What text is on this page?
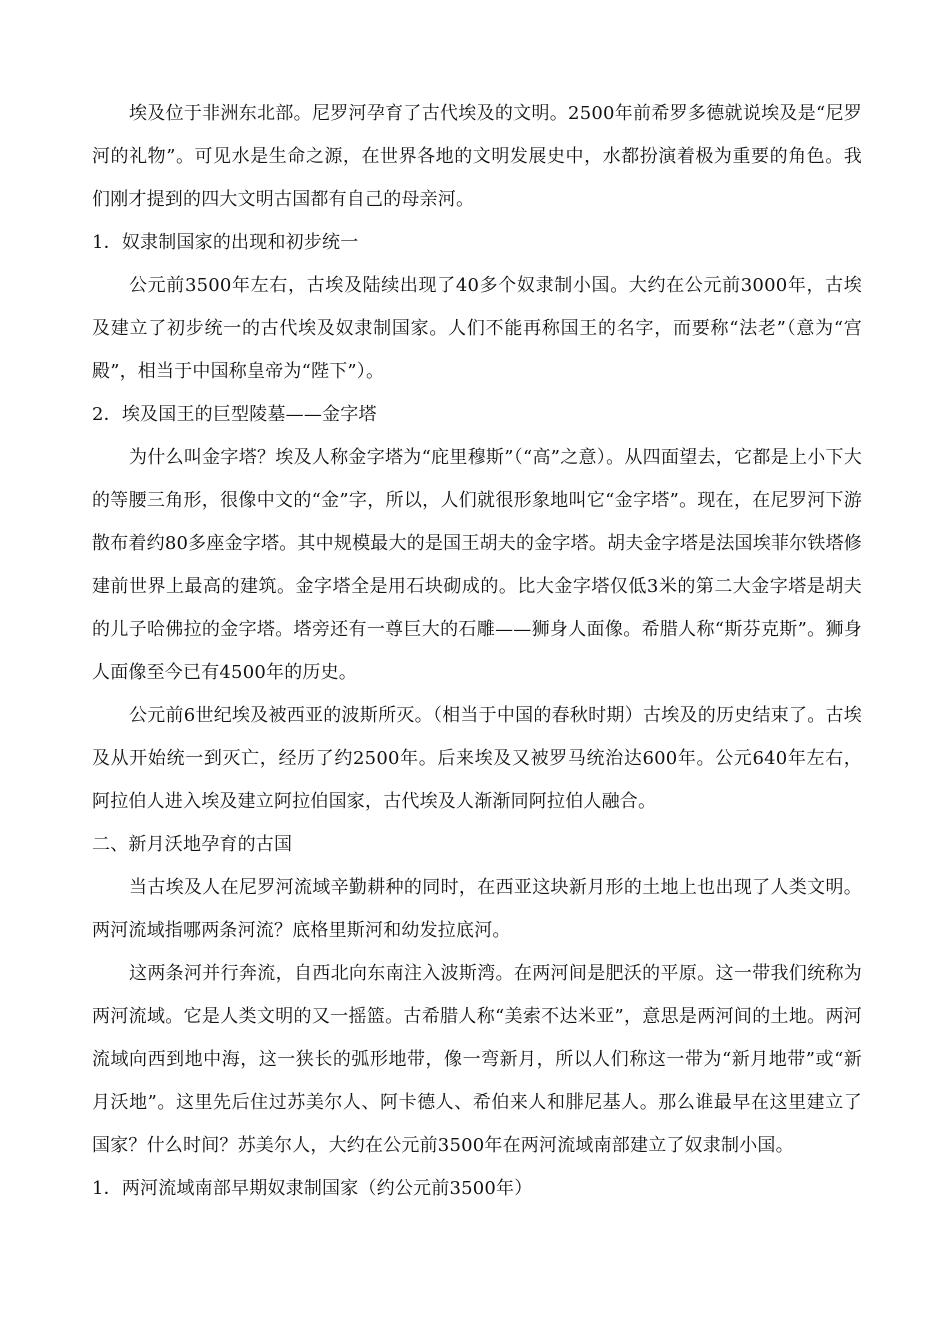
埃及位于非洲东北部。尼罗河孕育了古代埃及的文明。2500年前希罗多德就说埃及是“尼罗河的礼物”。可见水是生命之源，在世界各地的文明发展史中，水都扮演着极为重要的角色。我们刚才提到的四大文明古国都有自己的母亲河。

1．奴隶制国家的出现和初步统一

公元前3500年左右，古埃及陆续出现了40多个奴隶制小国。大约在公元前3000年，古埃及建立了初步统一的古代埃及奴隶制国家。人们不能再称国王的名字，而要称“法老”（意为“宫殿”，相当于中国称皇帝为“陛下”）。

2．埃及国王的巨型陵墓——金字塔

为什么叫金字塔？埃及人称金字塔为“庇里穆斯”（“高”之意）。从四面望去，它都是上小下大的等腰三角形，很像中文的“金”字，所以，人们就很形象地叫它“金字塔”。现在，在尼罗河下游散布着约80多座金字塔。其中规模最大的是国王胡夫的金字塔。胡夫金字塔是法国埃菲尔铁塔修建前世界上最高的建筑。金字塔全是用石块砌成的。比大金字塔仅低3米的第二大金字塔是胡夫的儿子哈佛拉的金字塔。塔旁还有一尊巨大的石雕——狮身人面像。希腊人称“斯芬克斯”。狮身人面像至今已有4500年的历史。

公元前6世纪埃及被西亚的波斯所灭。（相当于中国的春秋时期）古埃及的历史结束了。古埃及从开始统一到灭亡，经历了约2500年。后来埃及又被罗马统治达600年。公元640年左右，阿拉伯人进入埃及建立阿拉伯国家，古代埃及人渐渐同阿拉伯人融合。

二、新月沃地孕育的古国

当古埃及人在尼罗河流域辛勤耕种的同时，在西亚这块新月形的土地上也出现了人类文明。两河流域指哪两条河流？底格里斯河和幼发拉底河。

这两条河并行奔流，自西北向东南注入波斯湾。在两河间是肥沃的平原。这一带我们统称为两河流域。它是人类文明的又一摇篮。古希腊人称“美索不达米亚”，意思是两河间的土地。两河流域向西到地中海，这一狭长的弧形地带，像一弯新月，所以人们称这一带为“新月地带”或“新月沃地”。这里先后住过苏美尔人、阿卡德人、希伯来人和腓尼基人。那么谁最早在这里建立了国家？什么时间？苏美尔人，大约在公元前3500年在两河流域南部建立了奴隶制小国。

1．两河流域南部早期奴隶制国家（约公元前3500年）
